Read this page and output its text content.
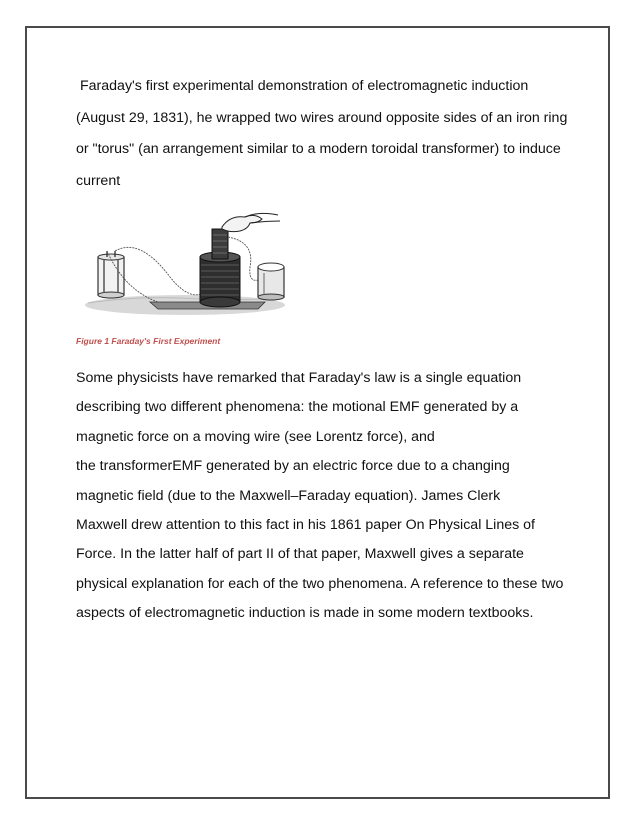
Faraday's first experimental demonstration of electromagnetic induction
(August 29, 1831), he wrapped two wires around opposite sides of an iron ring
or "torus" (an arrangement similar to a modern toroidal transformer) to induce
current

Figure 1 Faraday's First Experiment

Some physicists have remarked that Faraday's law is a single equation
describing two different phenomena: the motional EMF generated by a
magnetic force on a moving wire (see Lorentz force), and
the transformerEMF generated by an electric force due to a changing
magnetic field (due to the Maxwell–Faraday equation). James Clerk
Maxwell drew attention to this fact in his 1861 paper On Physical Lines of
Force. In the latter half of part II of that paper, Maxwell gives a separate
physical explanation for each of the two phenomena. A reference to these two
aspects of electromagnetic induction is made in some modern textbooks.
